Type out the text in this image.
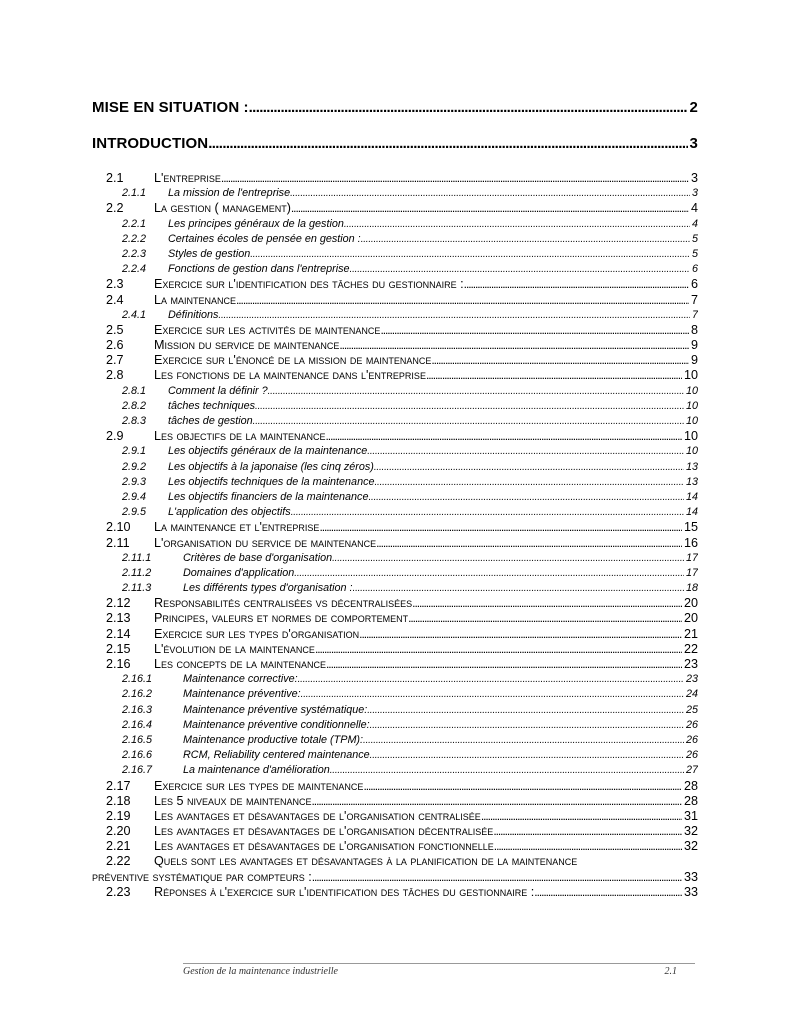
MISE EN SITUATION : . . .	2
INTRODUCTION . . .	3
2.1	L'entreprise . . .	3
2.1.1	La mission de l'entreprise . . .	3
2.2	La gestion ( management) . . .	4
2.2.1	Les principes généraux de la gestion . . .	4
2.2.2	Certaines écoles de pensée en gestion : . . .	5
2.2.3	Styles de gestion . . .	5
2.2.4	Fonctions de gestion dans l'entreprise . . .	6
2.3	Exercice sur l'identification des tâches du gestionnaire : . . .	6
2.4	La maintenance . . .	7
2.4.1	Définitions . . .	7
2.5	Exercice sur les activités de maintenance . . .	8
2.6	Mission du service de maintenance . . .	9
2.7	Exercice sur l'énoncé de la mission de maintenance . . .	9
2.8	Les fonctions de la maintenance dans l'entreprise . . .	10
2.8.1	Comment la définir ? . . .	10
2.8.2	tâches techniques . . .	10
2.8.3	tâches de gestion . . .	10
2.9	Les objectifs de la maintenance . . .	10
2.9.1	Les objectifs généraux de la maintenance . . .	10
2.9.2	Les objectifs à la japonaise (les cinq zéros) . . .	13
2.9.3	Les objectifs techniques de la maintenance . . .	13
2.9.4	Les objectifs financiers de la maintenance . . .	14
2.9.5	L'application des objectifs . . .	14
2.10	La maintenance et l'entreprise . . .	15
2.11	L'organisation du service de maintenance . . .	16
2.11.1	Critères de base d'organisation . . .	17
2.11.2	Domaines d'application . . .	17
2.11.3	Les différents types d'organisation : . . .	18
2.12	Responsabilités centralisées vs décentralisées . . .	20
2.13	Principes, valeurs et normes de comportement . . .	20
2.14	Exercice sur les types d'organisation . . .	21
2.15	L'évolution de la maintenance . . .	22
2.16	Les concepts de la maintenance . . .	23
2.16.1	Maintenance corrective: . . .	23
2.16.2	Maintenance préventive: . . .	24
2.16.3	Maintenance préventive systématique: . . .	25
2.16.4	Maintenance préventive conditionnelle: . . .	26
2.16.5	Maintenance productive totale (TPM): . . .	26
2.16.6	RCM, Reliability centered maintenance . . .	26
2.16.7	La maintenance d'amélioration . . .	27
2.17	Exercice sur les types de maintenance . . .	28
2.18	Les 5 niveaux de maintenance . . .	28
2.19	Les avantages et désavantages de l'organisation centralisée . . .	31
2.20	Les avantages et désavantages de l'organisation décentralisée . . .	32
2.21	Les avantages et désavantages de l'organisation fonctionnelle . . .	32
2.22	Quels sont les avantages et désavantages à la planification de la maintenance
préventive systématique par compteurs : . . .	33
2.23	Réponses à l'exercice sur l'identification des tâches du gestionnaire : . . .	33
Gestion de la maintenance industrielle	2.1
